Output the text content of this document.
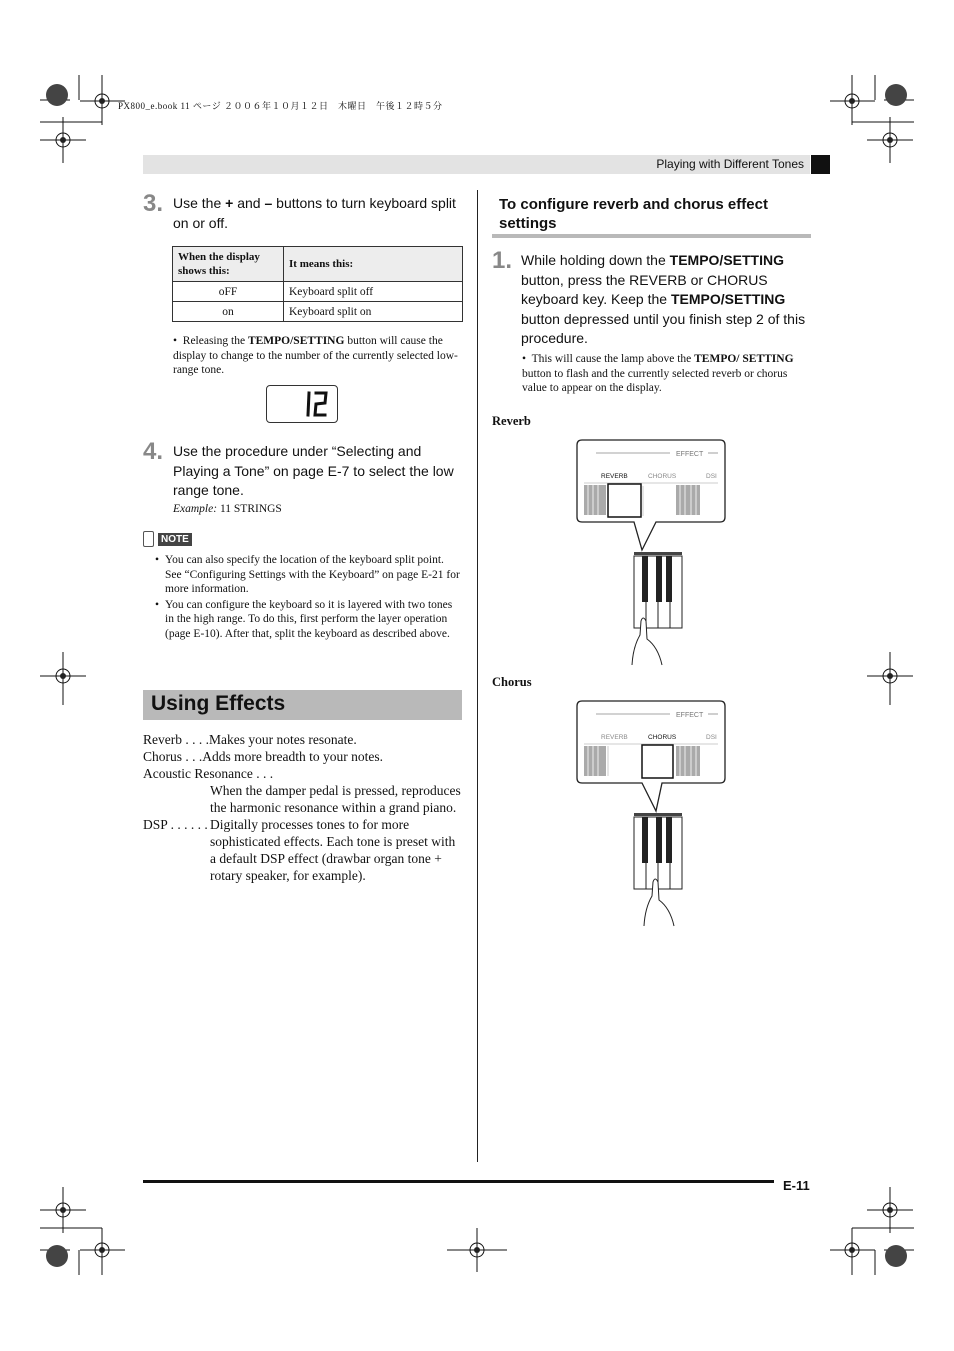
PX800_e.book 11 ページ ２００６年１０月１２日　木曜日　午後１２時５分
Playing with Different Tones
3. Use the + and – buttons to turn keyboard split on or off.
When the display shows this:	It means this:
oFF	Keyboard split off
on	Keyboard split on
•  Releasing the TEMPO/SETTING button will cause the display to change to the number of the currently selected low-range tone.
4. Use the procedure under “Selecting and Playing a Tone” on page E-7 to select the low range tone.
Example: 11 STRINGS
NOTE
• You can also specify the location of the keyboard split point. See “Configuring Settings with the Keyboard” on page E-21 for more information.
• You can configure the keyboard so it is layered with two tones in the high range. To do this, first perform the layer operation (page E-10). After that, split the keyboard as described above.
Using Effects
Reverb . . . .Makes your notes resonate.
Chorus . . .Adds more breadth to your notes.
Acoustic Resonance . . .
When the damper pedal is pressed, reproduces the harmonic resonance within a grand piano.
DSP . . . . . . Digitally processes tones to for more sophisticated effects. Each tone is preset with a default DSP effect (drawbar organ tone + rotary speaker, for example).
To configure reverb and chorus effect settings
1. While holding down the TEMPO/SETTING button, press the REVERB or CHORUS keyboard key. Keep the TEMPO/SETTING button depressed until you finish step 2 of this procedure.
•  This will cause the lamp above the TEMPO/ SETTING button to flash and the currently selected reverb or chorus value to appear on the display.
Reverb
Chorus
EFFECT
REVERB	CHORUS	DSI
EFFECT
REVERB	CHORUS	DSI
E-11
